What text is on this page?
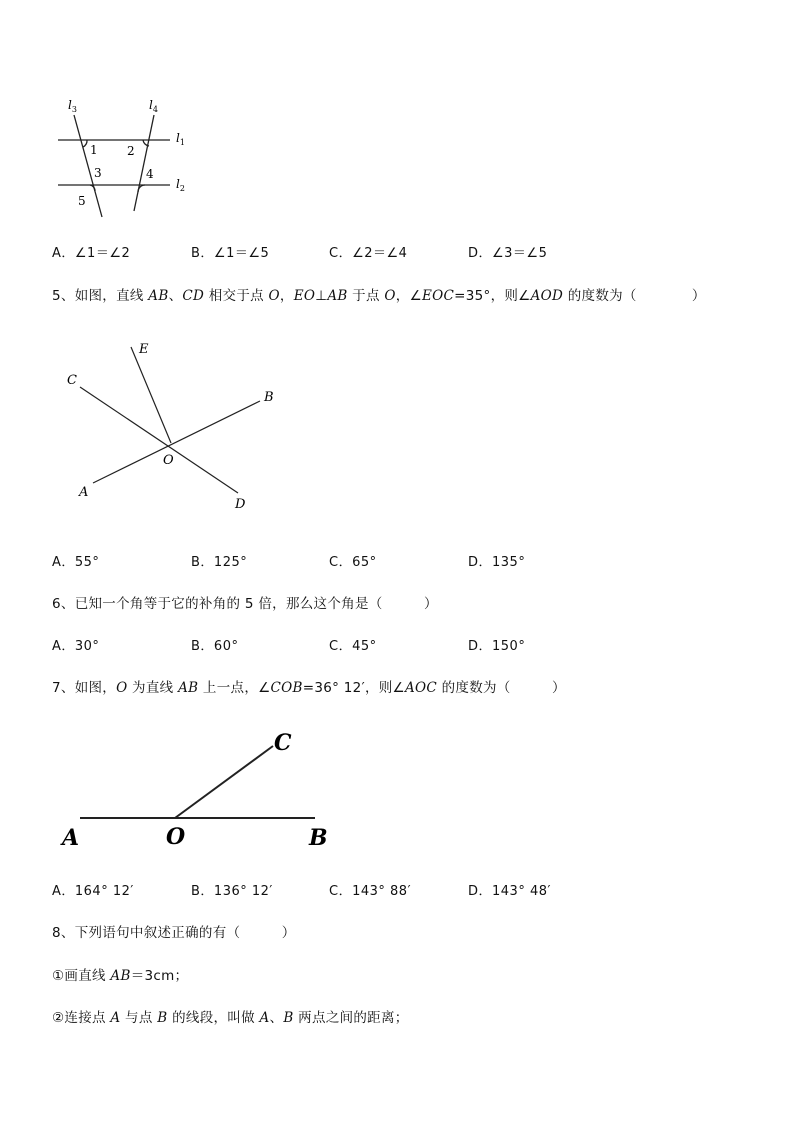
$l_3$	$l_4$
$l_1$
$l_2$
1 2
3	4
5
A．∠1＝∠2	B．∠1＝∠5	C．∠2＝∠4	D．∠3＝∠5
5、如图，直线 AB、CD 相交于点 O，EO⊥AB 于点 O，∠EOC=35°，则∠AOD 的度数为（　　　　）
C
E
B
O
A
D
A．55°	B．125°	C．65°	D．135°
6、已知一个角等于它的补角的 5 倍，那么这个角是（　　　）
A．30°	B．60°	C．45°	D．150°
7、如图，O 为直线 AB 上一点，∠COB=36° 12′，则∠AOC 的度数为（　　　）
A	O	B
C
A．164° 12′	B．136° 12′	C．143° 88′	D．143° 48′
8、下列语句中叙述正确的有（　　　）
①画直线 AB＝3cm；
②连接点 A 与点 B 的线段，叫做 A、B 两点之间的距离；
